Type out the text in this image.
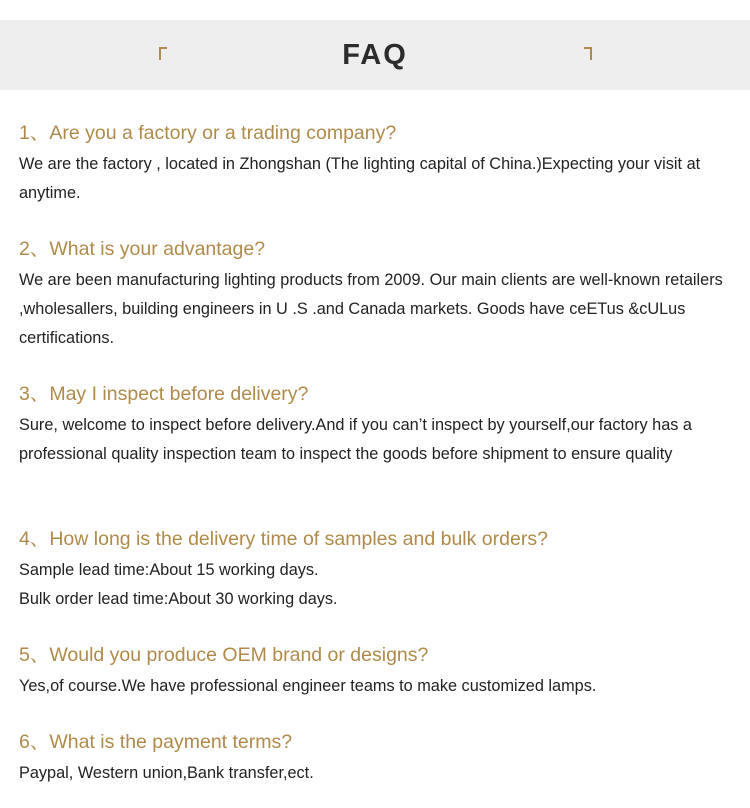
FAQ

1、Are you a factory or a trading company?

We are the factory , located in Zhongshan (The lighting capital of China.)Expecting your visit at anytime.

2、What is your advantage?

We are been manufacturing lighting products from 2009. Our main clients are well-known retailers ,wholesallers, building engineers in U .S .and Canada markets. Goods have ceETus &cULus certifications.

3、May I inspect before delivery?

Sure, welcome to inspect before delivery.And if you can’t inspect by yourself,our factory has a professional quality inspection team to inspect the goods before shipment to ensure quality

4、How long is the delivery time of samples and bulk orders?

Sample lead time:About 15 working days.

Bulk order lead time:About 30 working days.

5、Would you produce OEM brand or designs?

Yes,of course.We have professional engineer teams to make customized lamps.

6、What is the payment terms?

Paypal, Western union,Bank transfer,ect.
